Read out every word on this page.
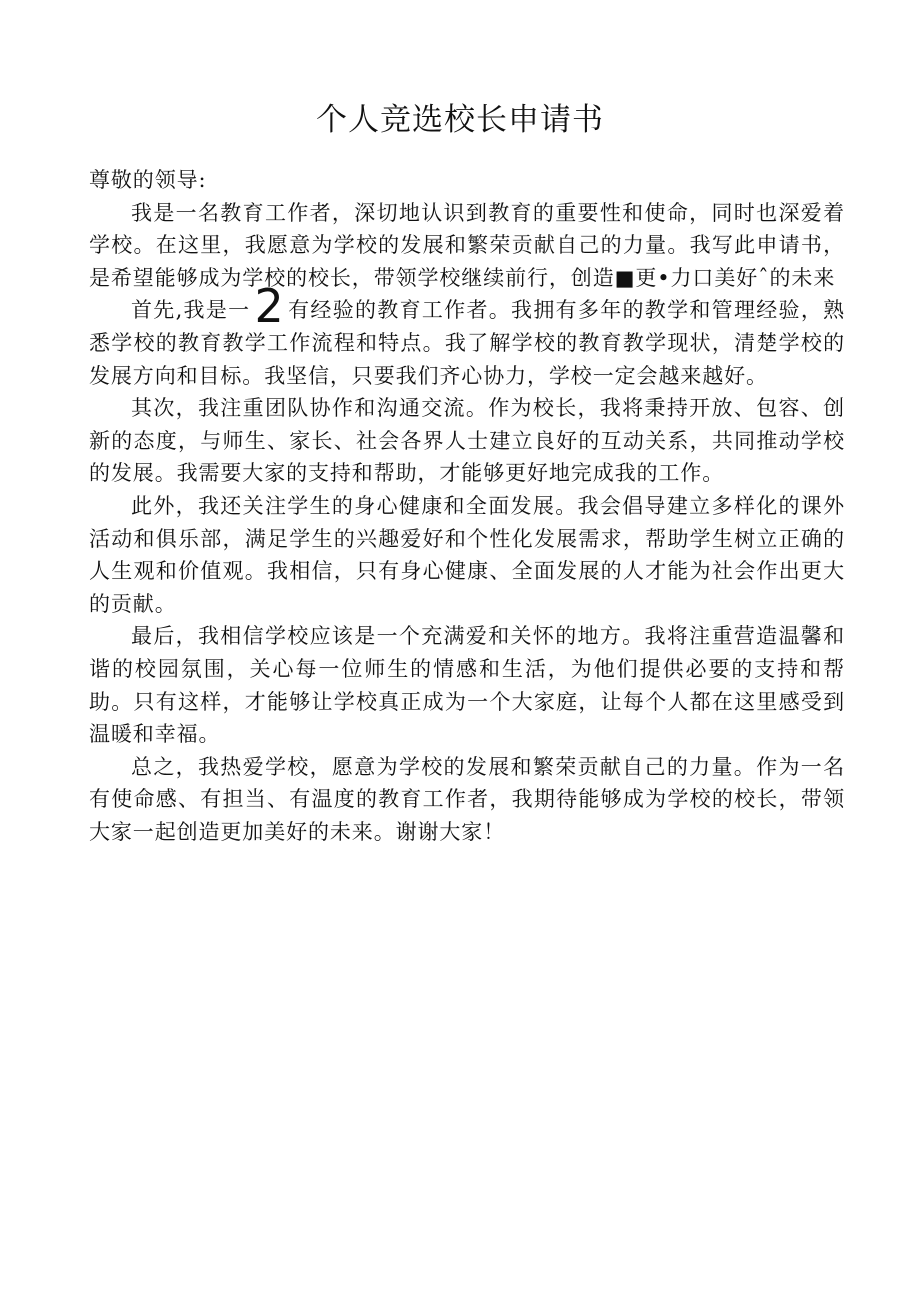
个人竞选校长申请书

尊敬的领导:

我是一名教育工作者，深切地认识到教育的重要性和使命，同时也深爱着学校。在这里，我愿意为学校的发展和繁荣贡献自己的力量。我写此申请书，是希望能够成为学校的校长，带领学校继续前行，创造■更•力口美好ˆ的未来

首先,我是一2 有经验的教育工作者。我拥有多年的教学和管理经验，熟悉学校的教育教学工作流程和特点。我了解学校的教育教学现状，清楚学校的发展方向和目标。我坚信，只要我们齐心协力，学校一定会越来越好。

其次，我注重团队协作和沟通交流。作为校长，我将秉持开放、包容、创新的态度，与师生、家长、社会各界人士建立良好的互动关系，共同推动学校的发展。我需要大家的支持和帮助，才能够更好地完成我的工作。

此外，我还关注学生的身心健康和全面发展。我会倡导建立多样化的课外活动和俱乐部，满足学生的兴趣爱好和个性化发展需求，帮助学生树立正确的人生观和价值观。我相信，只有身心健康、全面发展的人才能为社会作出更大的贡献。

最后，我相信学校应该是一个充满爱和关怀的地方。我将注重营造温馨和谐的校园氛围，关心每一位师生的情感和生活，为他们提供必要的支持和帮助。只有这样，才能够让学校真正成为一个大家庭，让每个人都在这里感受到温暖和幸福。

总之，我热爱学校，愿意为学校的发展和繁荣贡献自己的力量。作为一名有使命感、有担当、有温度的教育工作者，我期待能够成为学校的校长，带领大家一起创造更加美好的未来。谢谢大家！
